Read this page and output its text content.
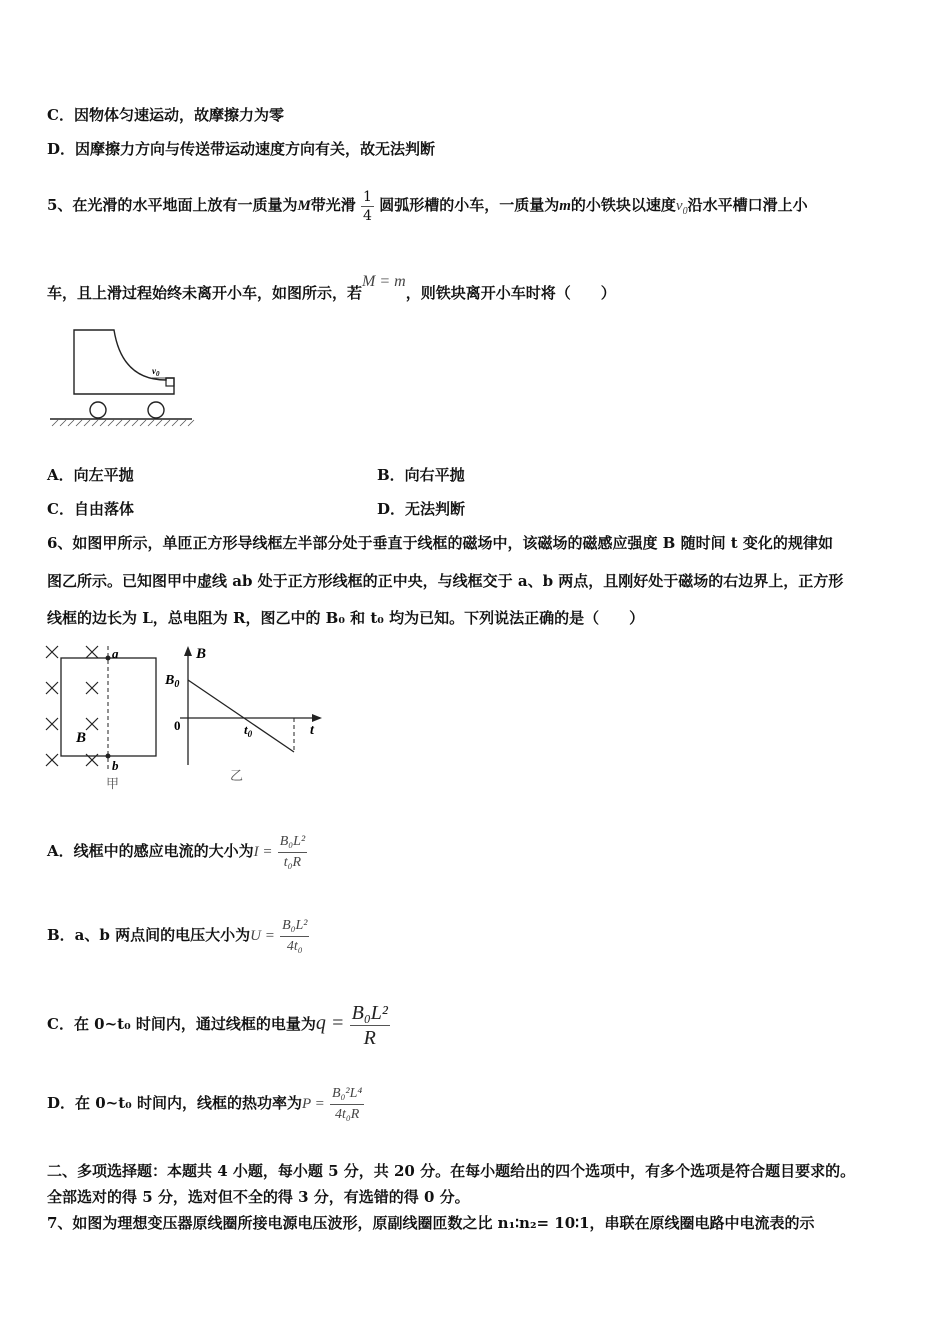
C．因物体匀速运动，故摩擦力为零
D．因摩擦力方向与传送带运动速度方向有关，故无法判断
5、在光滑的水平地面上放有一质量为M带光滑 $\frac{1}{4}$ 圆弧形槽的小车，一质量为m的小铁块以速度$v_0$沿水平槽口滑上小
车，且上滑过程始终未离开小车，如图所示，若M = m，则铁块离开小车时将（　　）
$v_0$
A．向左平抛	B．向右平抛
C．自由落体	D．无法判断
6、如图甲所示，单匝正方形导线框左半部分处于垂直于线框的磁场中，该磁场的磁感应强度 B 随时间 t 变化的规律如
图乙所示。已知图甲中虚线 ab 处于正方形线框的正中央，与线框交于 a、b 两点，且刚好处于磁场的右边界上，正方形
线框的边长为 L，总电阻为 R，图乙中的 B₀ 和 t₀ 均为已知。下列说法正确的是（　　）
a
b
B
甲
B
$B_0$
0	$t_0$	t
乙
A．线框中的感应电流的大小为$I = \frac{\text{B₀L²}}{\text{t₀R}}$
B．a、b 两点间的电压大小为$U = \frac{\text{B₀L²}}{\text{4t₀}}$
C．在 0~t₀ 时间内，通过线框的电量为$q = \frac{\text{B₀L²}}{R}$
D．在 0~t₀ 时间内，线框的热功率为$P = \frac{\text{B₀²L⁴}}{\text{4t₀R}}$
二、多项选择题：本题共 4 小题，每小题 5 分，共 20 分。在每小题给出的四个选项中，有多个选项是符合题目要求的。
全部选对的得 5 分，选对但不全的得 3 分，有选错的得 0 分。
7、如图为理想变压器原线圈所接电源电压波形，原副线圈匝数之比 n₁∶n₂= 10∶1，串联在原线圈电路中电流表的示
